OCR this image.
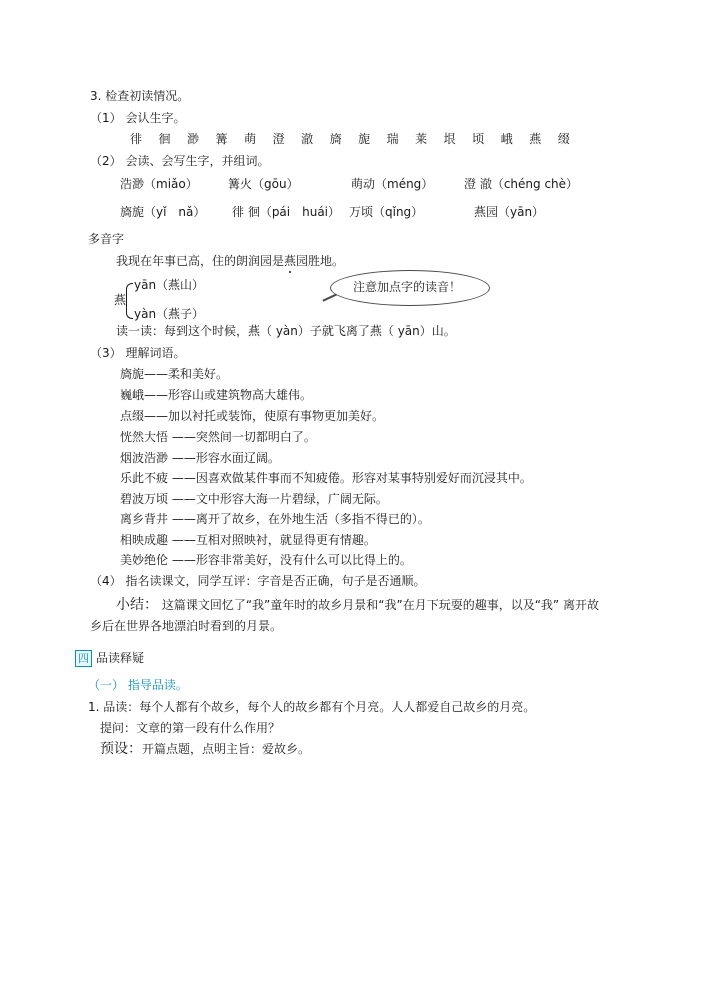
3. 检查初读情况。
（1） 会认生字。
徘 徊 渺 篝 萌 澄 澈 旖 旎 瑞 莱 垠 顷 峨 燕 缀
（2） 会读、会写生字，并组词。
浩渺（miǎo）	篝火（gōu）	萌动（méng）	澄 澈（chéng chè）
旖旎（yǐ　nǎ） 徘 徊（pái　huái） 万顷（qǐng）	燕园（yān）
多音字
我现在年事已高，住的朗润园是燕园胜地。
燕
yān（燕山）
yàn（燕子）
注意加点字的读音！
读一读：每到这个时候，燕（ yàn）子就飞离了燕（ yān）山。
（3） 理解词语。
旖旎——柔和美好。
巍峨——形容山或建筑物高大雄伟。
点缀——加以衬托或装饰，使原有事物更加美好。
恍然大悟 ——突然间一切都明白了。
烟波浩渺 ——形容水面辽阔。
乐此不疲 ——因喜欢做某件事而不知疲倦。形容对某事特别爱好而沉浸其中。
碧波万顷 ——文中形容大海一片碧绿，广阔无际。
离乡背井 ——离开了故乡，在外地生活（多指不得已的）。
相映成趣 ——互相对照映衬，就显得更有情趣。
美妙绝伦 ——形容非常美好，没有什么可以比得上的。
（4） 指名读课文，同学互评：字音是否正确，句子是否通顺。
小结： 这篇课文回忆了“我”童年时的故乡月景和“我”在月下玩耍的趣事，以及“我” 离开故
乡后在世界各地漂泊时看到的月景。
四 品读释疑
（一） 指导品读。
1. 品读：每个人都有个故乡，每个人的故乡都有个月亮。人人都爱自己故乡的月亮。
提问：文章的第一段有什么作用？
预设：开篇点题，点明主旨：爱故乡。
